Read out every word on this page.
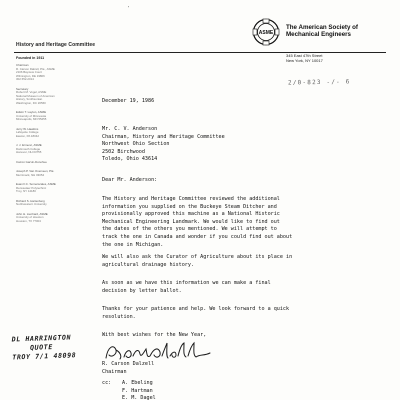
'
History and Heritage Committee
ASME
The American Society of
Mechanical Engineers
345 East 47th Street
New York, NY 10017
2/0-823 -/- 6
Founded in 1911
Chairman
R. Carson Dalzell, P.E., ASME
2106 Bayview Court
Wilmington, DE 19806
302 652-2014
Secretary
Robert M. Vogel, ASME
National Museum of American
History, Smithsonian
Washington, DC 20560
Edwin T. Layton, ASME
University of Minnesota
Minneapolis, MN 55455
Jerry W. Hawkins
Lafayette College
Easton, PA 18042
J. J. Ermenc, ASME
Dartmouth College
Hanover, NH 03755
Carron Garvin-Donohue
Joseph P. Van Overveen, P.E.
Merrimack, NH 03054
Euan F.C. Somerscales, ASME
Rensselaer Polytechnic
Troy, NY 12180
Richard S. Hartenberg
Northwestern University
John H. Lienhard, ASME
University of Houston
Houston, TX 77004
December 19, 1986
Mr. C. V. Anderson
Chairman, History and Heritage Committee
Northwest Ohio Section
2502 Birchwood
Toledo, Ohio 43614
Dear Mr. Anderson:
The History and Heritage Committee reviewed the additional
information you supplied on the Buckeye Steam Ditcher and
provisionally approved this machine as a National Historic
Mechanical Engineering Landmark. We would like to find out
the dates of the others you mentioned. We will attempt to
track the one in Canada and wonder if you could find out about
the one in Michigan.
We will also ask the Curator of Agriculture about its place in
agricultural drainage history.
As soon as we have this information we can make a final
decision by letter ballot.
Thanks for your patience and help. We look forward to a quick
resolution.
With best wishes for the New Year,
R. Carson Dalzell
Chairman
cc: A. Ebeling
F. Hartman
E. M. Dagel
DL HARRINGTON
QUOTE
TROY 7/1 48098
